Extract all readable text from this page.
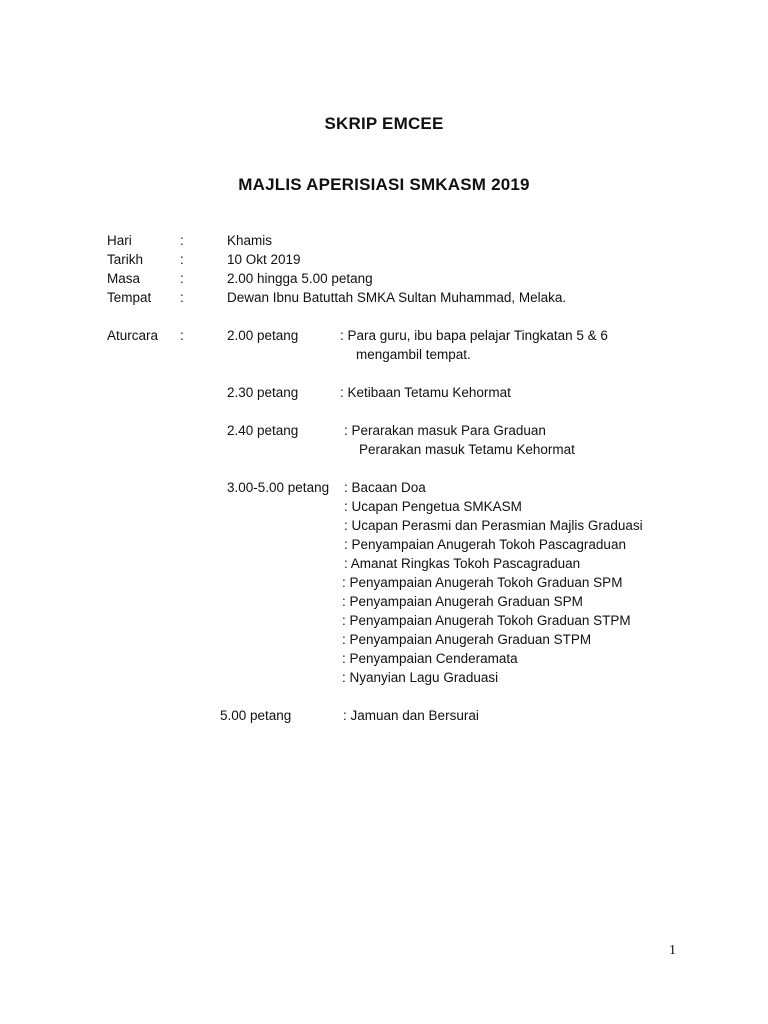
SKRIP EMCEE
MAJLIS APERISIASI SMKASM 2019
Hari	:	Khamis
Tarikh	:	10 Okt 2019
Masa	:	2.00 hingga 5.00 petang
Tempat :	Dewan Ibnu Batuttah SMKA Sultan Muhammad, Melaka.
Aturcara :	2.00 petang	: Para guru, ibu bapa pelajar Tingkatan 5 & 6
mengambil tempat.
2.30 petang	: Ketibaan Tetamu Kehormat
2.40 petang	: Perarakan masuk Para Graduan
Perarakan masuk Tetamu Kehormat
3.00-5.00 petang : Bacaan Doa
: Ucapan Pengetua SMKASM
: Ucapan Perasmi dan Perasmian Majlis Graduasi
: Penyampaian Anugerah Tokoh Pascagraduan
: Amanat Ringkas Tokoh Pascagraduan
: Penyampaian Anugerah Tokoh Graduan SPM
: Penyampaian Anugerah Graduan SPM
: Penyampaian Anugerah Tokoh Graduan STPM
: Penyampaian Anugerah Graduan STPM
: Penyampaian Cenderamata
: Nyanyian Lagu Graduasi
5.00 petang	: Jamuan dan Bersurai
1
